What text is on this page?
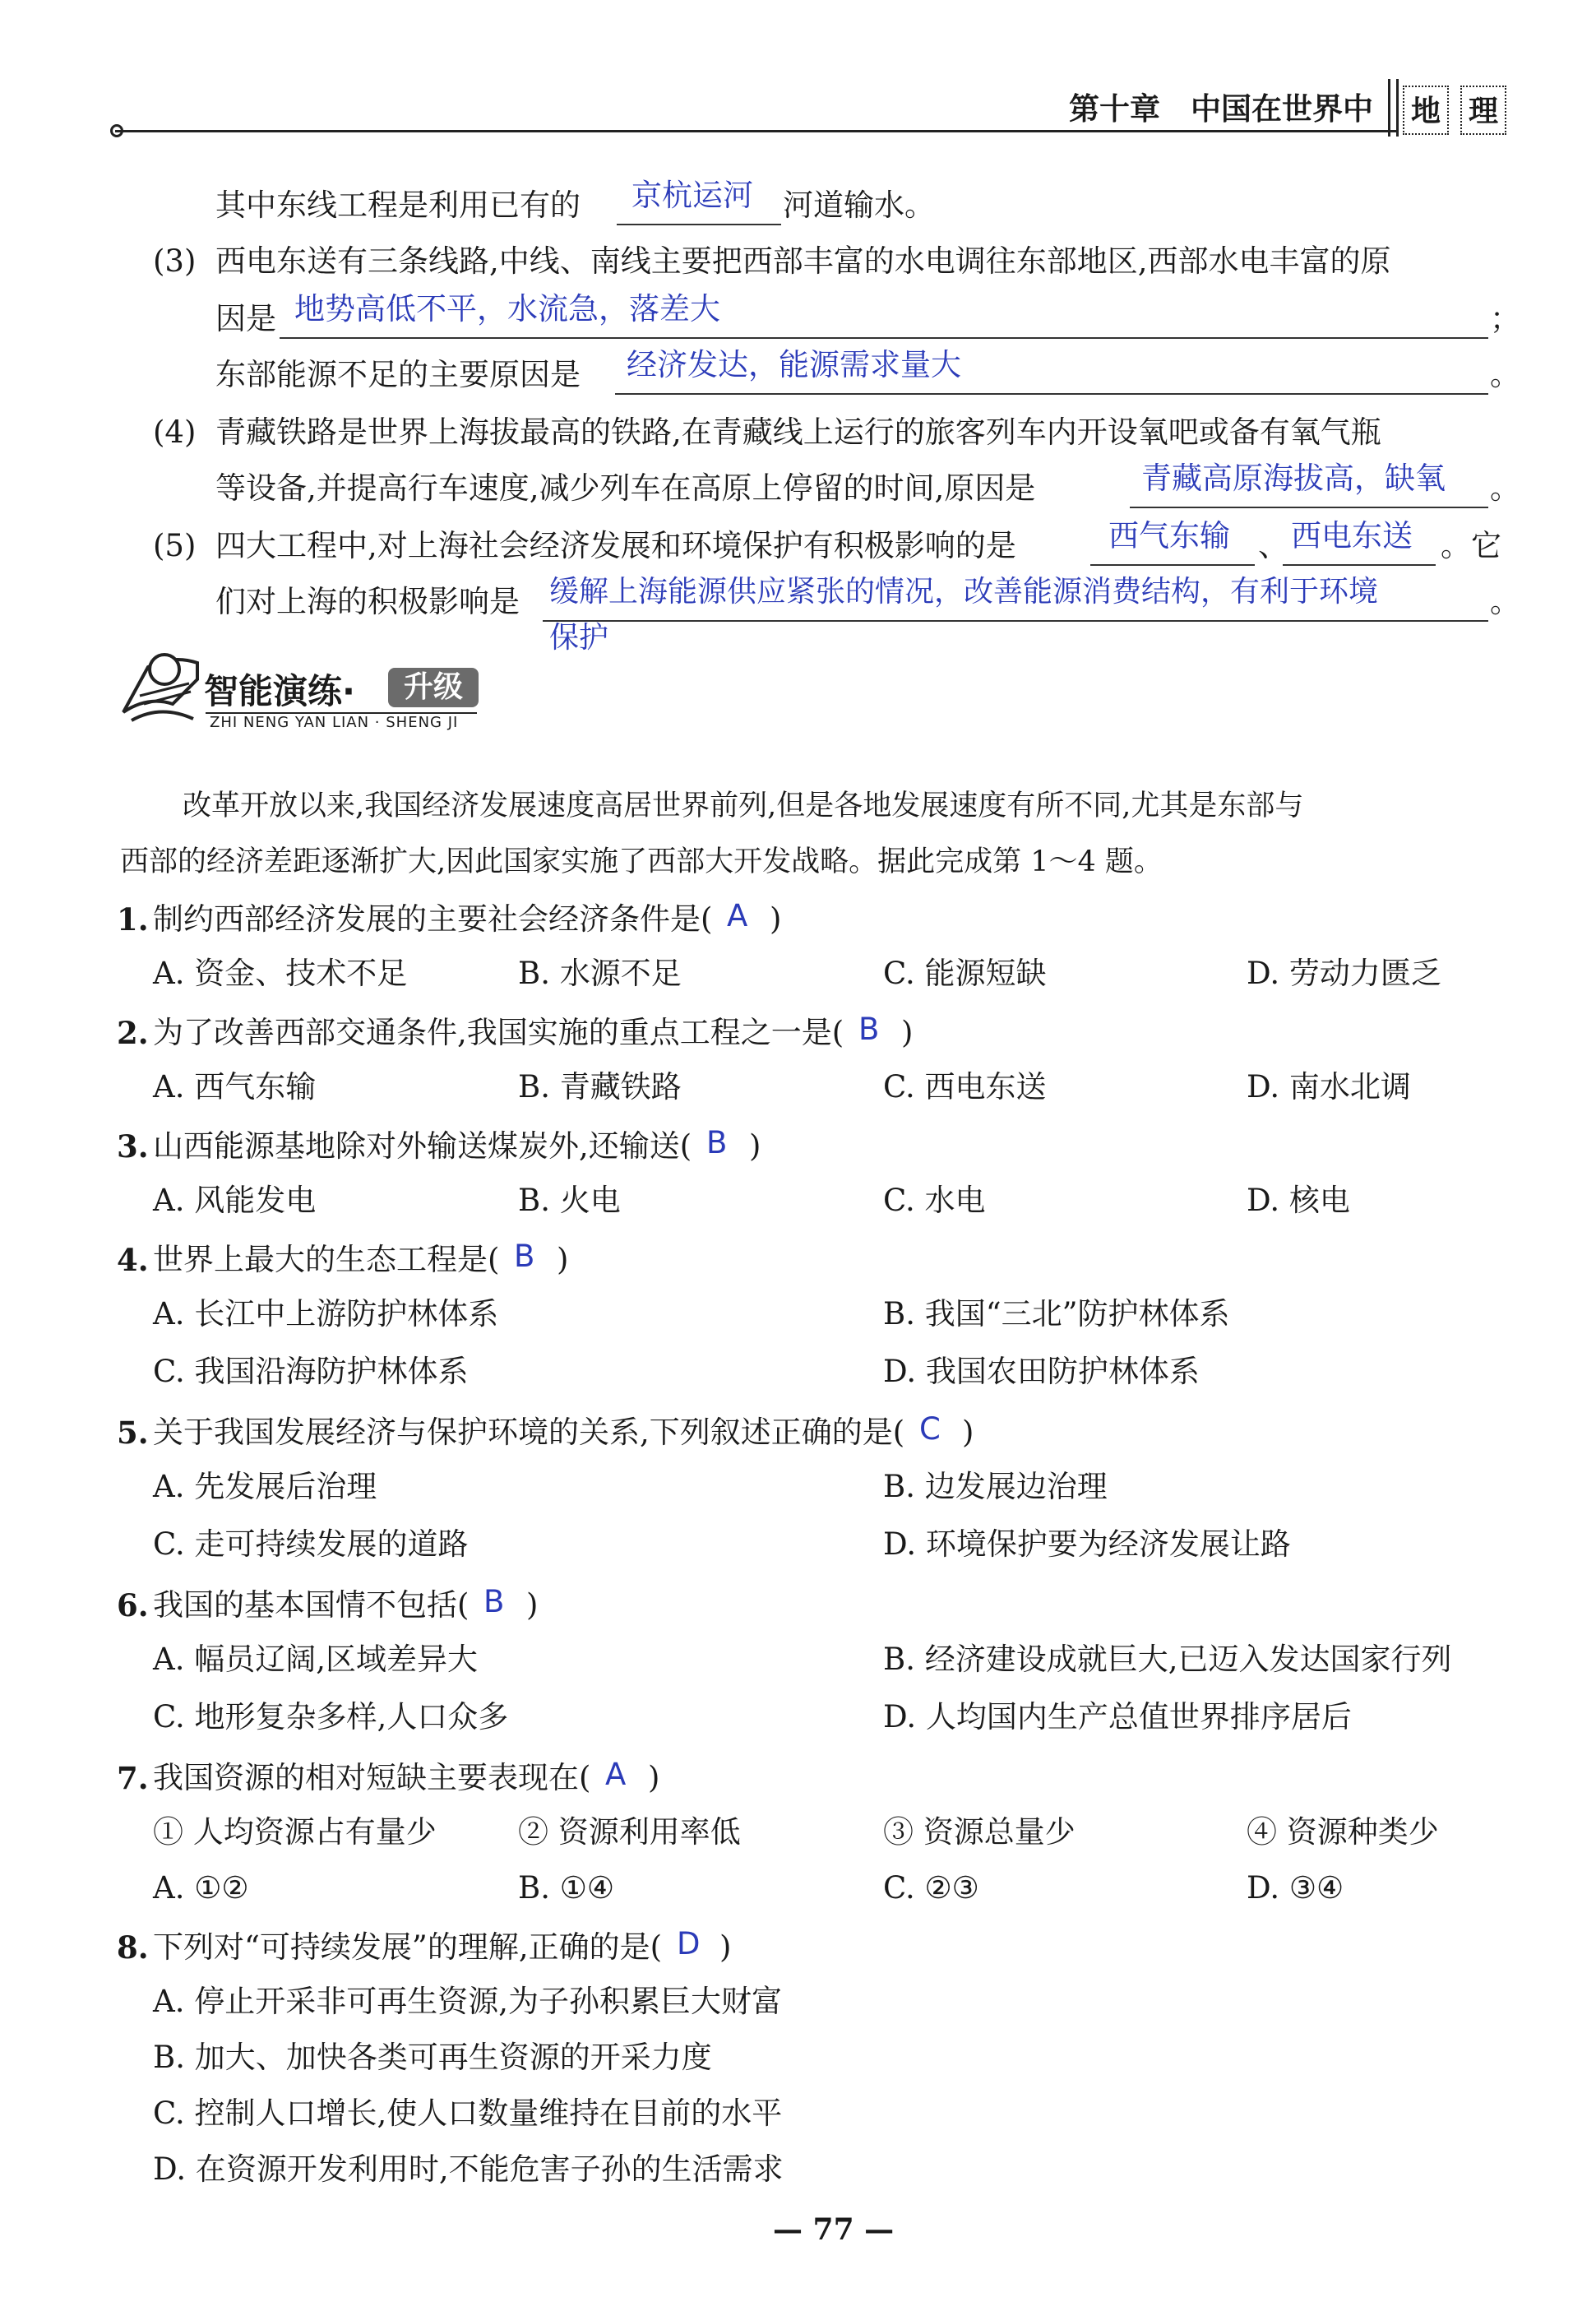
第十章　中国在世界中 地 理
其中东线工程是利用已有的 京杭运河 河道输水。
(3) 西电东送有三条线路,中线、南线主要把西部丰富的水电调往东部地区,西部水电丰富的原
因是 地势高低不平，水流急，落差大	；
东部能源不足的主要原因是 经济发达，能源需求量大	。
(4) 青藏铁路是世界上海拔最高的铁路,在青藏线上运行的旅客列车内开设氧吧或备有氧气瓶
等设备,并提高行车速度,减少列车在高原上停留的时间,原因是	青藏高原海拔高，缺氧 。
(5) 四大工程中,对上海社会经济发展和环境保护有积极影响的是	西气东输 、 西电东送 。它
们对上海的积极影响是 缓解上海能源供应紧张的情况，改善能源消费结构，有利于环境
保护
。
智能演练·	升级
ZHI NENG YAN LIAN · SHENG JI
改革开放以来,我国经济发展速度高居世界前列,但是各地发展速度有所不同,尤其是东部与
西部的经济差距逐渐扩大,因此国家实施了西部大开发战略。据此完成第 1～4 题。
1. 制约西部经济发展的主要社会经济条件是( A )
A. 资金、技术不足	B. 水源不足	C. 能源短缺	D. 劳动力匮乏
2. 为了改善西部交通条件,我国实施的重点工程之一是( B )
A. 西气东输	B. 青藏铁路	C. 西电东送	D. 南水北调
3. 山西能源基地除对外输送煤炭外,还输送( B )
A. 风能发电	B. 火电	C. 水电	D. 核电
4. 世界上最大的生态工程是( B )
A. 长江中上游防护林体系	B. 我国“三北”防护林体系
C. 我国沿海防护林体系	D. 我国农田防护林体系
5. 关于我国发展经济与保护环境的关系,下列叙述正确的是( C )
A. 先发展后治理	B. 边发展边治理
C. 走可持续发展的道路	D. 环境保护要为经济发展让路
6. 我国的基本国情不包括( B )
A. 幅员辽阔,区域差异大	B. 经济建设成就巨大,已迈入发达国家行列
C. 地形复杂多样,人口众多	D. 人均国内生产总值世界排序居后
7. 我国资源的相对短缺主要表现在( A )
① 人均资源占有量少	② 资源利用率低	③ 资源总量少	④ 资源种类少
A. ①②	B. ①④	C. ②③	D. ③④
8. 下列对“可持续发展”的理解,正确的是( D )
A. 停止开采非可再生资源,为子孙积累巨大财富
B. 加大、加快各类可再生资源的开采力度
C. 控制人口增长,使人口数量维持在目前的水平
D. 在资源开发利用时,不能危害子孙的生活需求
— 77 —
